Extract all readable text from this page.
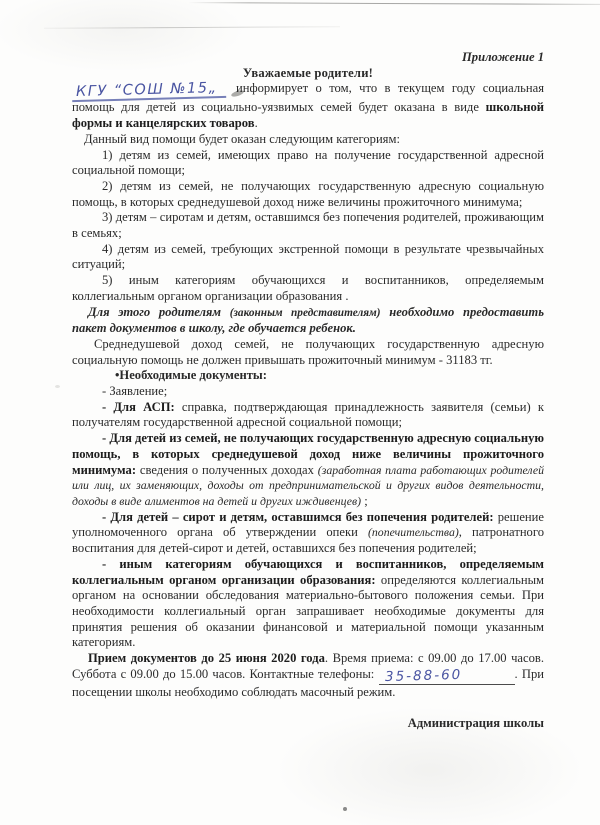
Приложение 1

Уважаемые родители!

КГУ “СОШ №15„ информирует о том, что в текущем году социальная помощь для детей из социально-уязвимых семей будет оказана в виде школьной формы и канцелярских товаров.

Данный вид помощи будет оказан следующим категориям:

1) детям из семей, имеющих право на получение государственной адресной социальной помощи;

2) детям из семей, не получающих государственную адресную социальную помощь, в которых среднедушевой доход ниже величины прожиточного минимума;

3) детям – сиротам и детям, оставшимся без попечения родителей, проживающим в семьях;

4) детям из семей, требующих экстренной помощи в результате чрезвычайных ситуаций;

5) иным категориям обучающихся и воспитанников, определяемым коллегиальным органом организации образования .

Для этого родителям (законным представителям) необходимо предоставить пакет документов в школу, где обучается ребенок.

Среднедушевой доход семей, не получающих государственную адресную социальную помощь не должен привышать прожиточный минимум - 31183 тг.

•Необходимые документы:

- Заявление;

- Для АСП: справка, подтверждающая принадлежность заявителя (семьи) к получателям государственной адресной социальной помощи;

- Для детей из семей, не получающих государственную адресную социальную помощь, в которых среднедушевой доход ниже величины прожиточного минимума: сведения о полученных доходах (заработная плата работающих родителей или лиц, их заменяющих, доходы от предпринимательской и других видов деятельности, доходы в виде алиментов на детей и других иждивенцев) ;

- Для детей – сирот и детям, оставшимся без попечения родителей: решение уполномоченного органа об утверждении опеки (попечительства), патронатного воспитания для детей-сирот и детей, оставшихся без попечения родителей;

- иным категориям обучающихся и воспитанников, определяемым коллегиальным органом организации образования: определяются коллегиальным органом на основании обследования материально-бытового положения семьи. При необходимости коллегиальный орган запрашивает необходимые документы для принятия решения об оказании финансовой и материальной помощи указанным категориям.

Прием документов до 25 июня 2020 года. Время приема: с 09.00 до 17.00 часов. Суббота с 09.00 до 15.00 часов. Контактные телефоны: 35-88-60	. При посещении школы необходимо соблюдать масочный режим.

Администрация школы
